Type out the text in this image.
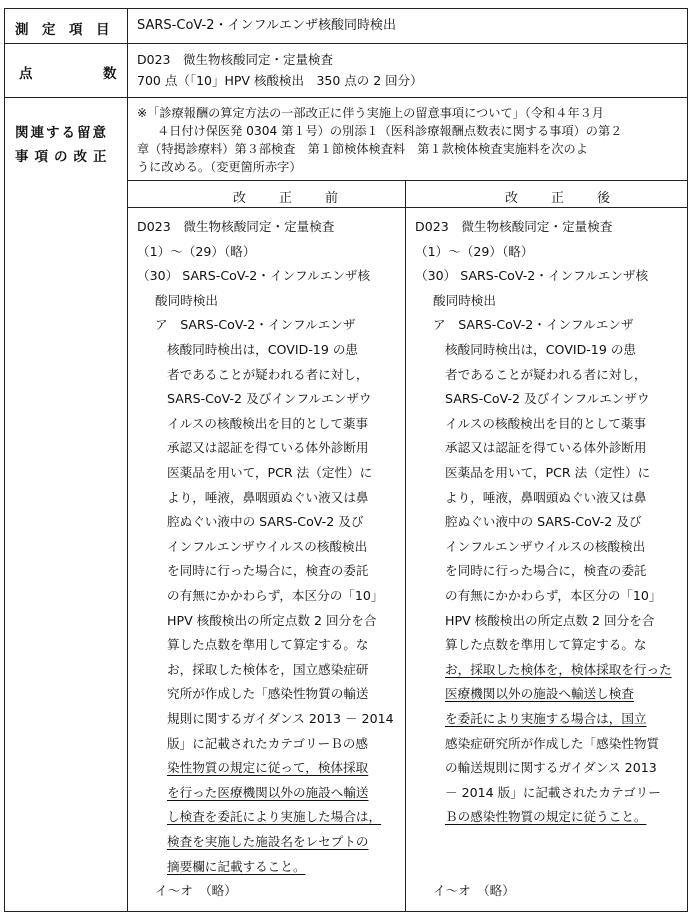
測　定　項　目 SARS-CoV-2・インフルエンザ核酸同時検出
点	数
D023　微生物核酸同定・定量検査
700 点（「10」HPV 核酸検出　350 点の 2 回分）
関連する留意
事項の改正
※「診療報酬の算定方法の一部改正に伴う実施上の留意事項について」（令和４年３月
４日付け保医発 0304 第１号）の別添１（医科診療報酬点数表に関する事項）の第２
章（特掲診療料）第３部検査　第１節検体検査料　第１款検体検査実施料を次のよ
うに改める。（変更箇所赤字）
改　正　前	改　正　後
D023　微生物核酸同定・定量検査
（1）～（29）（略）
（30） SARS-CoV-2・インフルエンザ核
酸同時検出
ア　SARS-CoV-2・インフルエンザ
核酸同時検出は，COVID-19 の患
者であることが疑われる者に対し，
SARS-CoV-2 及びインフルエンザウ
イルスの核酸検出を目的として薬事
承認又は認証を得ている体外診断用
医薬品を用いて，PCR 法（定性）に
より，唾液，鼻咽頭ぬぐい液又は鼻
腔ぬぐい液中の SARS-CoV-2 及び
インフルエンザウイルスの核酸検出
を同時に行った場合に，検査の委託
の有無にかかわらず，本区分の「10」
HPV 核酸検出の所定点数 2 回分を合
算した点数を準用して算定する。な
お，採取した検体を，国立感染症研
究所が作成した「感染性物質の輸送
規則に関するガイダンス 2013 － 2014
版」に記載されたカテゴリーＢの感
染性物質の規定に従って，検体採取
を行った医療機関以外の施設へ輸送
し検査を委託により実施した場合は，
検査を実施した施設名をレセプトの
摘要欄に記載すること。
イ～オ　（略）
D023　微生物核酸同定・定量検査
（1）～（29）（略）
（30） SARS-CoV-2・インフルエンザ核
酸同時検出
ア　SARS-CoV-2・インフルエンザ
核酸同時検出は，COVID-19 の患
者であることが疑われる者に対し，
SARS-CoV-2 及びインフルエンザウ
イルスの核酸検出を目的として薬事
承認又は認証を得ている体外診断用
医薬品を用いて，PCR 法（定性）に
より，唾液，鼻咽頭ぬぐい液又は鼻
腔ぬぐい液中の SARS-CoV-2 及び
インフルエンザウイルスの核酸検出
を同時に行った場合に，検査の委託
の有無にかかわらず，本区分の「10」
HPV 核酸検出の所定点数 2 回分を合
算した点数を準用して算定する。な
お，採取した検体を，検体採取を行った
医療機関以外の施設へ輸送し検査
を委託により実施する場合は，国立
感染症研究所が作成した「感染性物質
の輸送規則に関するガイダンス 2013
－ 2014 版」に記載されたカテゴリー
Ｂの感染性物質の規定に従うこと。
イ～オ　（略）
